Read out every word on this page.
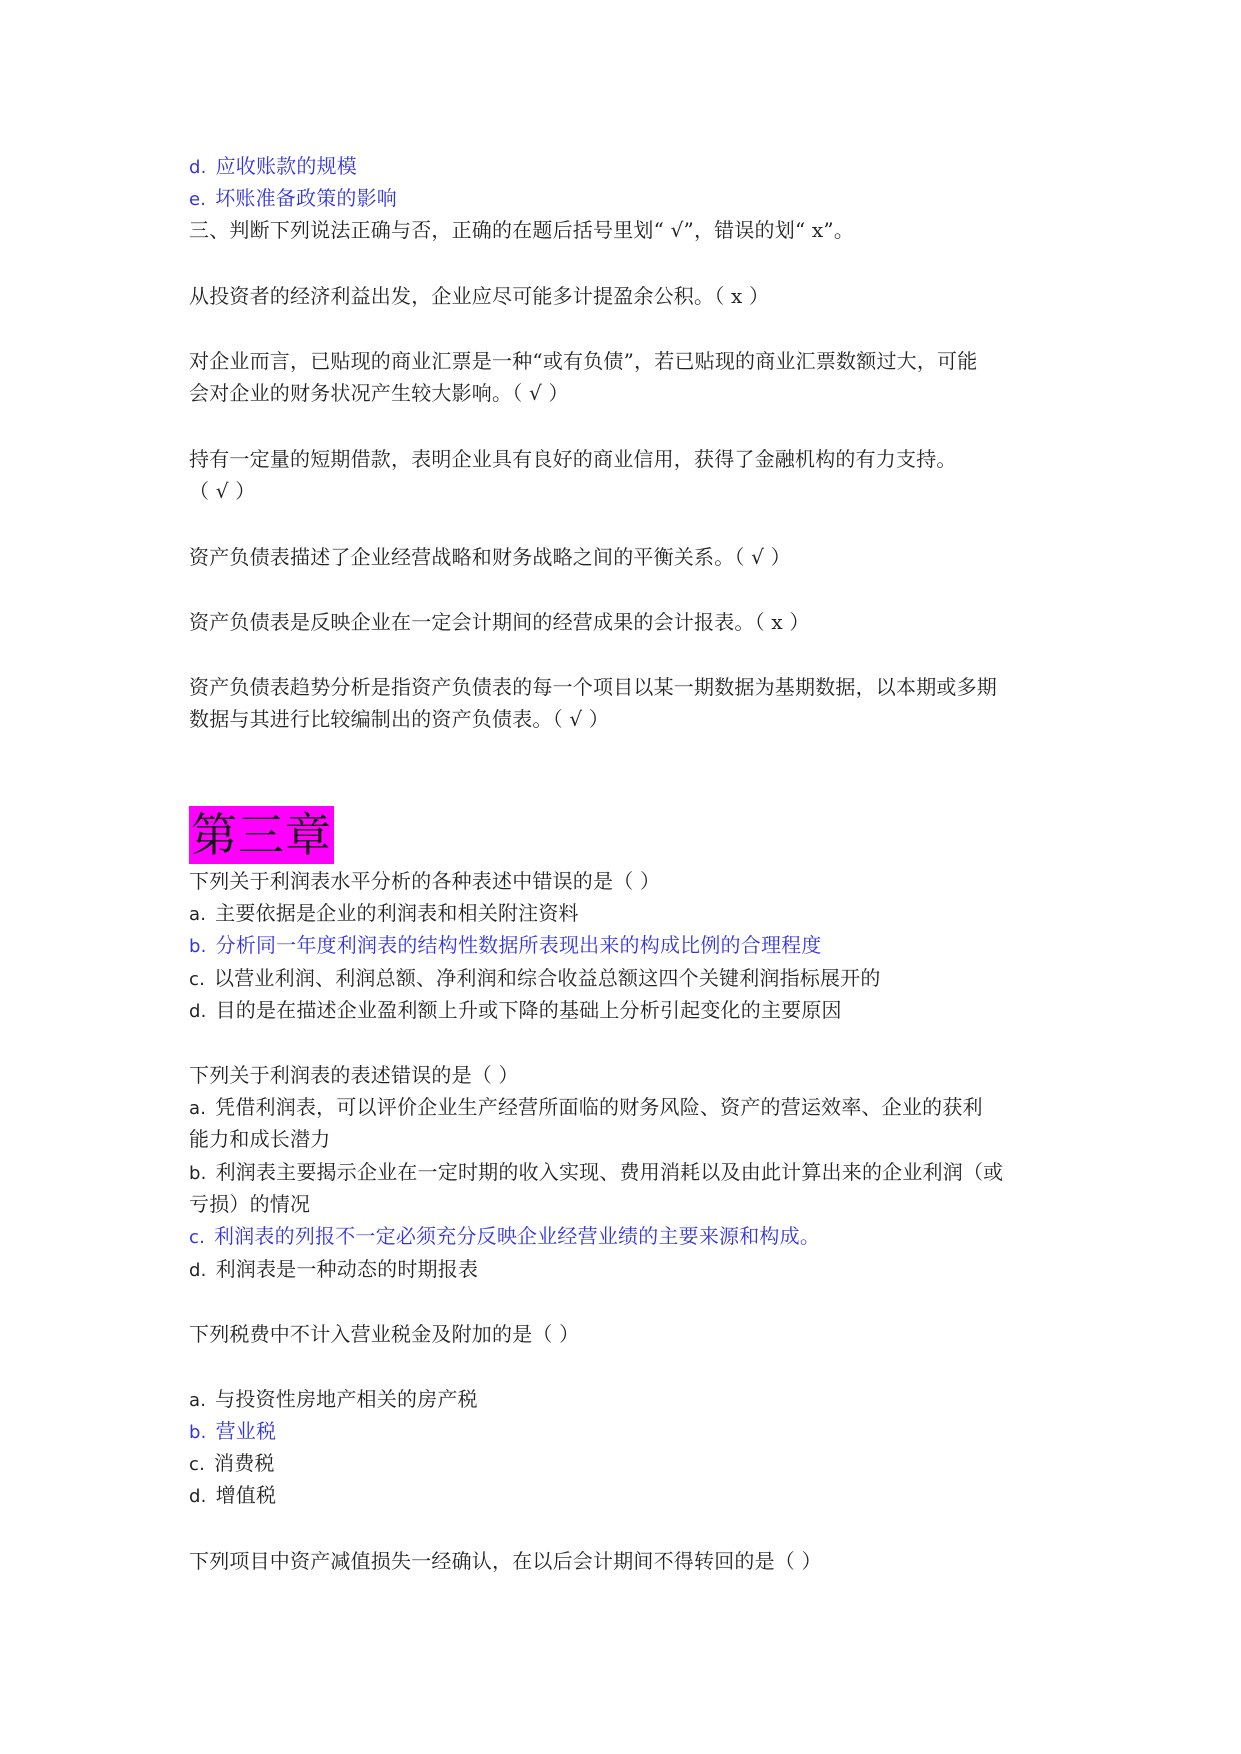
d. 应收账款的规模
e. 坏账准备政策的影响
三、判断下列说法正确与否，正确的在题后括号里划“ √”，错误的划“ x”。
从投资者的经济利益出发，企业应尽可能多计提盈余公积。（ x ）
对企业而言，已贴现的商业汇票是一种“或有负债”，若已贴现的商业汇票数额过大，可能
会对企业的财务状况产生较大影响。（ √ ）
持有一定量的短期借款，表明企业具有良好的商业信用，获得了金融机构的有力支持。
（ √ ）
资产负债表描述了企业经营战略和财务战略之间的平衡关系。（ √ ）
资产负债表是反映企业在一定会计期间的经营成果的会计报表。（ x ）
资产负债表趋势分析是指资产负债表的每一个项目以某一期数据为基期数据，以本期或多期
数据与其进行比较编制出的资产负债表。（ √ ）
第三章
下列关于利润表水平分析的各种表述中错误的是（ ）
a. 主要依据是企业的利润表和相关附注资料
b. 分析同一年度利润表的结构性数据所表现出来的构成比例的合理程度
c. 以营业利润、利润总额、净利润和综合收益总额这四个关键利润指标展开的
d. 目的是在描述企业盈利额上升或下降的基础上分析引起变化的主要原因
下列关于利润表的表述错误的是（ ）
a. 凭借利润表，可以评价企业生产经营所面临的财务风险、资产的营运效率、企业的获利
能力和成长潜力
b. 利润表主要揭示企业在一定时期的收入实现、费用消耗以及由此计算出来的企业利润（或
亏损）的情况
c. 利润表的列报不一定必须充分反映企业经营业绩的主要来源和构成。
d. 利润表是一种动态的时期报表
下列税费中不计入营业税金及附加的是（ ）
a. 与投资性房地产相关的房产税
b. 营业税
c. 消费税
d. 增值税
下列项目中资产减值损失一经确认，在以后会计期间不得转回的是（ ）
